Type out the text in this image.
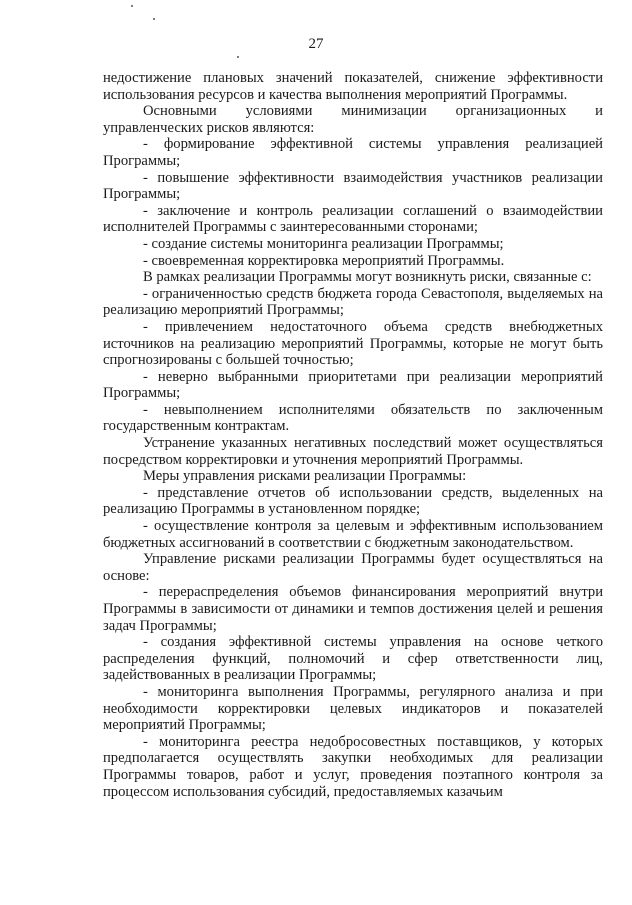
27

недостижение плановых значений показателей, снижение эффективности использования ресурсов и качества выполнения мероприятий Программы.

Основными условиями минимизации организационных и управленческих рисков являются:

- формирование эффективной системы управления реализацией Программы;

- повышение эффективности взаимодействия участников реализации Программы;

- заключение и контроль реализации соглашений о взаимодействии исполнителей Программы с заинтересованными сторонами;

- создание системы мониторинга реализации Программы;

- своевременная корректировка мероприятий Программы.

В рамках реализации Программы могут возникнуть риски, связанные с:

- ограниченностью средств бюджета города Севастополя, выделяемых на реализацию мероприятий Программы;

- привлечением недостаточного объема средств внебюджетных источников на реализацию мероприятий Программы, которые не могут быть спрогнозированы с большей точностью;

- неверно выбранными приоритетами при реализации мероприятий Программы;

- невыполнением исполнителями обязательств по заключенным государственным контрактам.

Устранение указанных негативных последствий может осуществляться посредством корректировки и уточнения мероприятий Программы.

Меры управления рисками реализации Программы:

- представление отчетов об использовании средств, выделенных на реализацию Программы в установленном порядке;

- осуществление контроля за целевым и эффективным использованием бюджетных ассигнований в соответствии с бюджетным законодательством.

Управление рисками реализации Программы будет осуществляться на основе:

- перераспределения объемов финансирования мероприятий внутри Программы в зависимости от динамики и темпов достижения целей и решения задач Программы;

- создания эффективной системы управления на основе четкого распределения функций, полномочий и сфер ответственности лиц, задействованных в реализации Программы;

- мониторинга выполнения Программы, регулярного анализа и при необходимости корректировки целевых индикаторов и показателей мероприятий Программы;

- мониторинга реестра недобросовестных поставщиков, у которых предполагается осуществлять закупки необходимых для реализации Программы товаров, работ и услуг, проведения поэтапного контроля за процессом использования субсидий, предоставляемых казачьим
